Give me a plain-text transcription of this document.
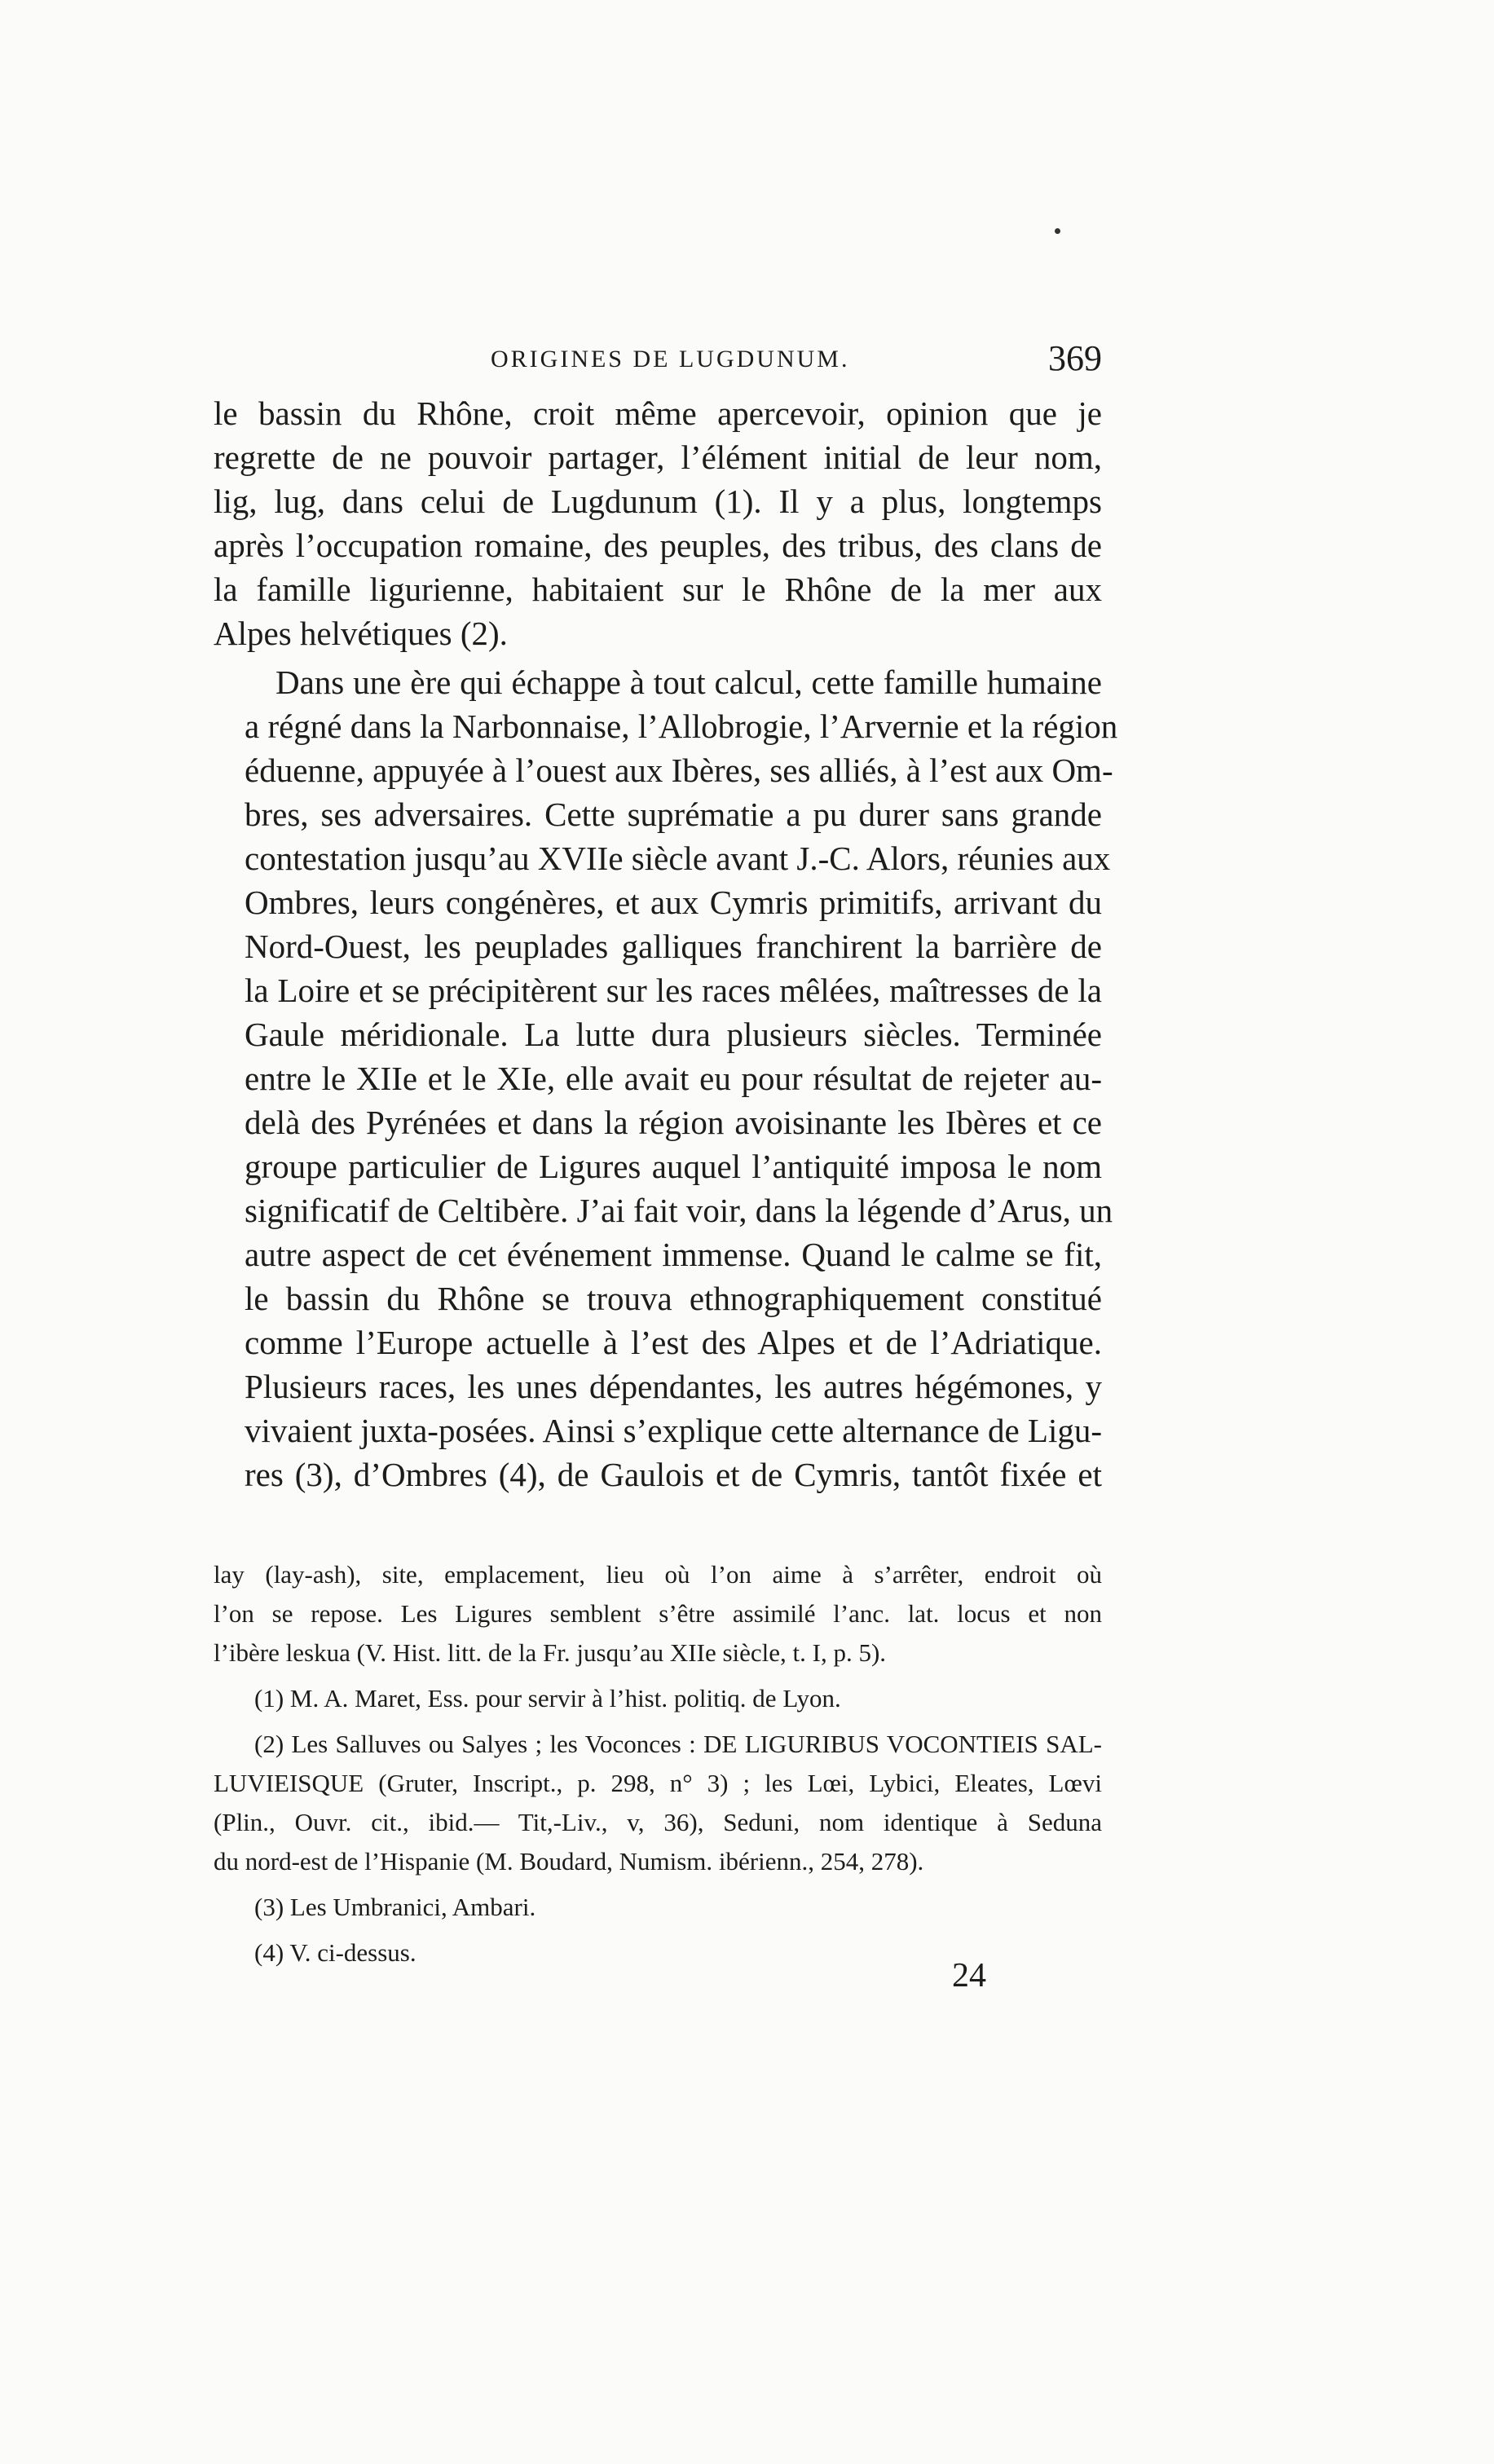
ORIGINES DE LUGDUNUM.	369

le bassin du Rhône, croit même apercevoir, opinion que je
regrette de ne pouvoir partager, l’élément initial de leur nom,
lig, lug, dans celui de Lugdunum (1). Il y a plus, longtemps
après l’occupation romaine, des peuples, des tribus, des clans de
la famille ligurienne, habitaient sur le Rhône de la mer aux
Alpes helvétiques (2).

Dans une ère qui échappe à tout calcul, cette famille humaine
a régné dans la Narbonnaise, l’Allobrogie, l’Arvernie et la région
éduenne, appuyée à l’ouest aux Ibères, ses alliés, à l’est aux Om-
bres, ses adversaires. Cette suprématie a pu durer sans grande
contestation jusqu’au XVIIe siècle avant J.-C. Alors, réunies aux
Ombres, leurs congénères, et aux Cymris primitifs, arrivant du
Nord-Ouest, les peuplades galliques franchirent la barrière de
la Loire et se précipitèrent sur les races mêlées, maîtresses de la
Gaule méridionale. La lutte dura plusieurs siècles. Terminée
entre le XIIe et le XIe, elle avait eu pour résultat de rejeter au-
delà des Pyrénées et dans la région avoisinante les Ibères et ce
groupe particulier de Ligures auquel l’antiquité imposa le nom
significatif de Celtibère. J’ai fait voir, dans la légende d’Arus, un
autre aspect de cet événement immense. Quand le calme se fit,
le bassin du Rhône se trouva ethnographiquement constitué
comme l’Europe actuelle à l’est des Alpes et de l’Adriatique.
Plusieurs races, les unes dépendantes, les autres hégémones, y
vivaient juxta-posées. Ainsi s’explique cette alternance de Ligu-
res (3), d’Ombres (4), de Gaulois et de Cymris, tantôt fixée et

lay (lay-ash), site, emplacement, lieu où l’on aime à s’arrêter, endroit où
l’on se repose. Les Ligures semblent s’être assimilé l’anc. lat. locus et non
l’ibère leskua (V. Hist. litt. de la Fr. jusqu’au XIIe siècle, t. I, p. 5).
(1) M. A. Maret, Ess. pour servir à l’hist. politiq. de Lyon.
(2) Les Salluves ou Salyes ; les Voconces : DE LIGURIBUS VOCONTIEIS SAL-
LUVIEISQUE (Gruter, Inscript., p. 298, n° 3) ; les Lœi, Lybici, Eleates, Lœvi
(Plin., Ouvr. cit., ibid.— Tit,-Liv., v, 36), Seduni, nom identique à Seduna
du nord-est de l’Hispanie (M. Boudard, Numism. ibérienn., 254, 278).
(3) Les Umbranici, Ambari.
(4) V. ci-dessus.
24
